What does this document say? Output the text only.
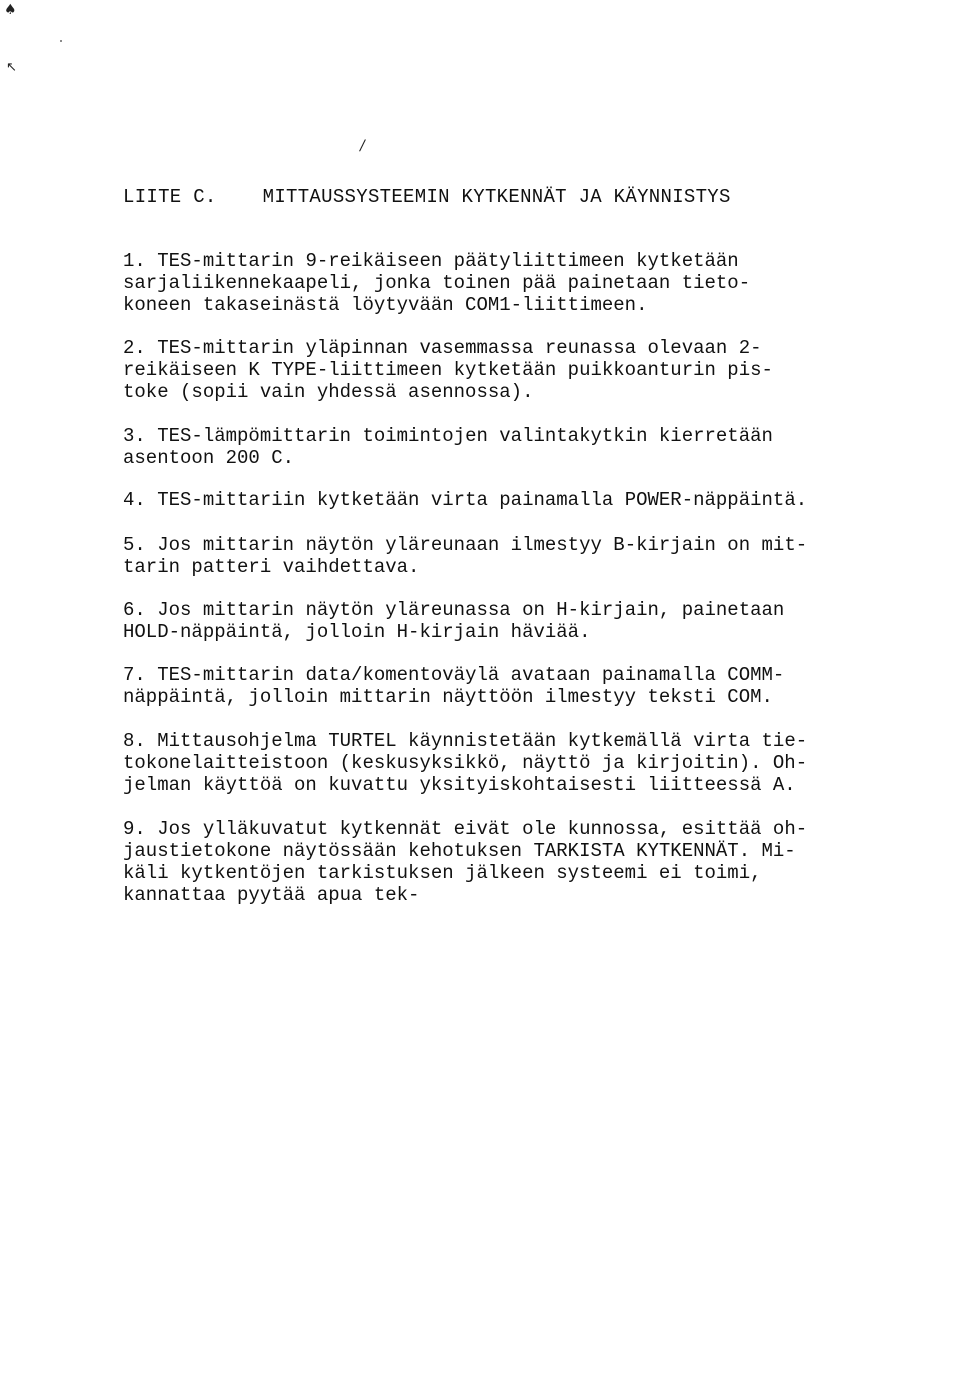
♠
↖
/
LIITE C. MITTAUSSYSTEEMIN KYTKENNÄT JA KÄYNNISTYS
1. TES-mittarin 9-reikäiseen päätyliittimeen kytketään
sarjaliikennekaapeli, jonka toinen pää painetaan tieto-
koneen takaseinästä löytyvään COM1-liittimeen.
2. TES-mittarin yläpinnan vasemmassa reunassa olevaan 2-
reikäiseen K TYPE-liittimeen kytketään puikkoanturin pis-
toke (sopii vain yhdessä asennossa).
3. TES-lämpömittarin toimintojen valintakytkin kierretään
asentoon 200 C.
4. TES-mittariin kytketään virta painamalla POWER-näppäintä.
5. Jos mittarin näytön yläreunaan ilmestyy B-kirjain on mit-
tarin patteri vaihdettava.
6. Jos mittarin näytön yläreunassa on H-kirjain, painetaan
HOLD-näppäintä, jolloin H-kirjain häviää.
7. TES-mittarin data/komentoväylä avataan painamalla COMM-
näppäintä, jolloin mittarin näyttöön ilmestyy teksti COM.
8. Mittausohjelma TURTEL käynnistetään kytkemällä virta tie-
tokonelaitteistoon (keskusyksikkö, näyttö ja kirjoitin). Oh-
jelman käyttöä on kuvattu yksityiskohtaisesti liitteessä A.
9. Jos ylläkuvatut kytkennät eivät ole kunnossa, esittää oh-
jaustietokone näytössään kehotuksen TARKISTA KYTKENNÄT. Mi-
käli kytkentöjen tarkistuksen jälkeen systeemi ei toimi,
kannattaa pyytää apua tek-
